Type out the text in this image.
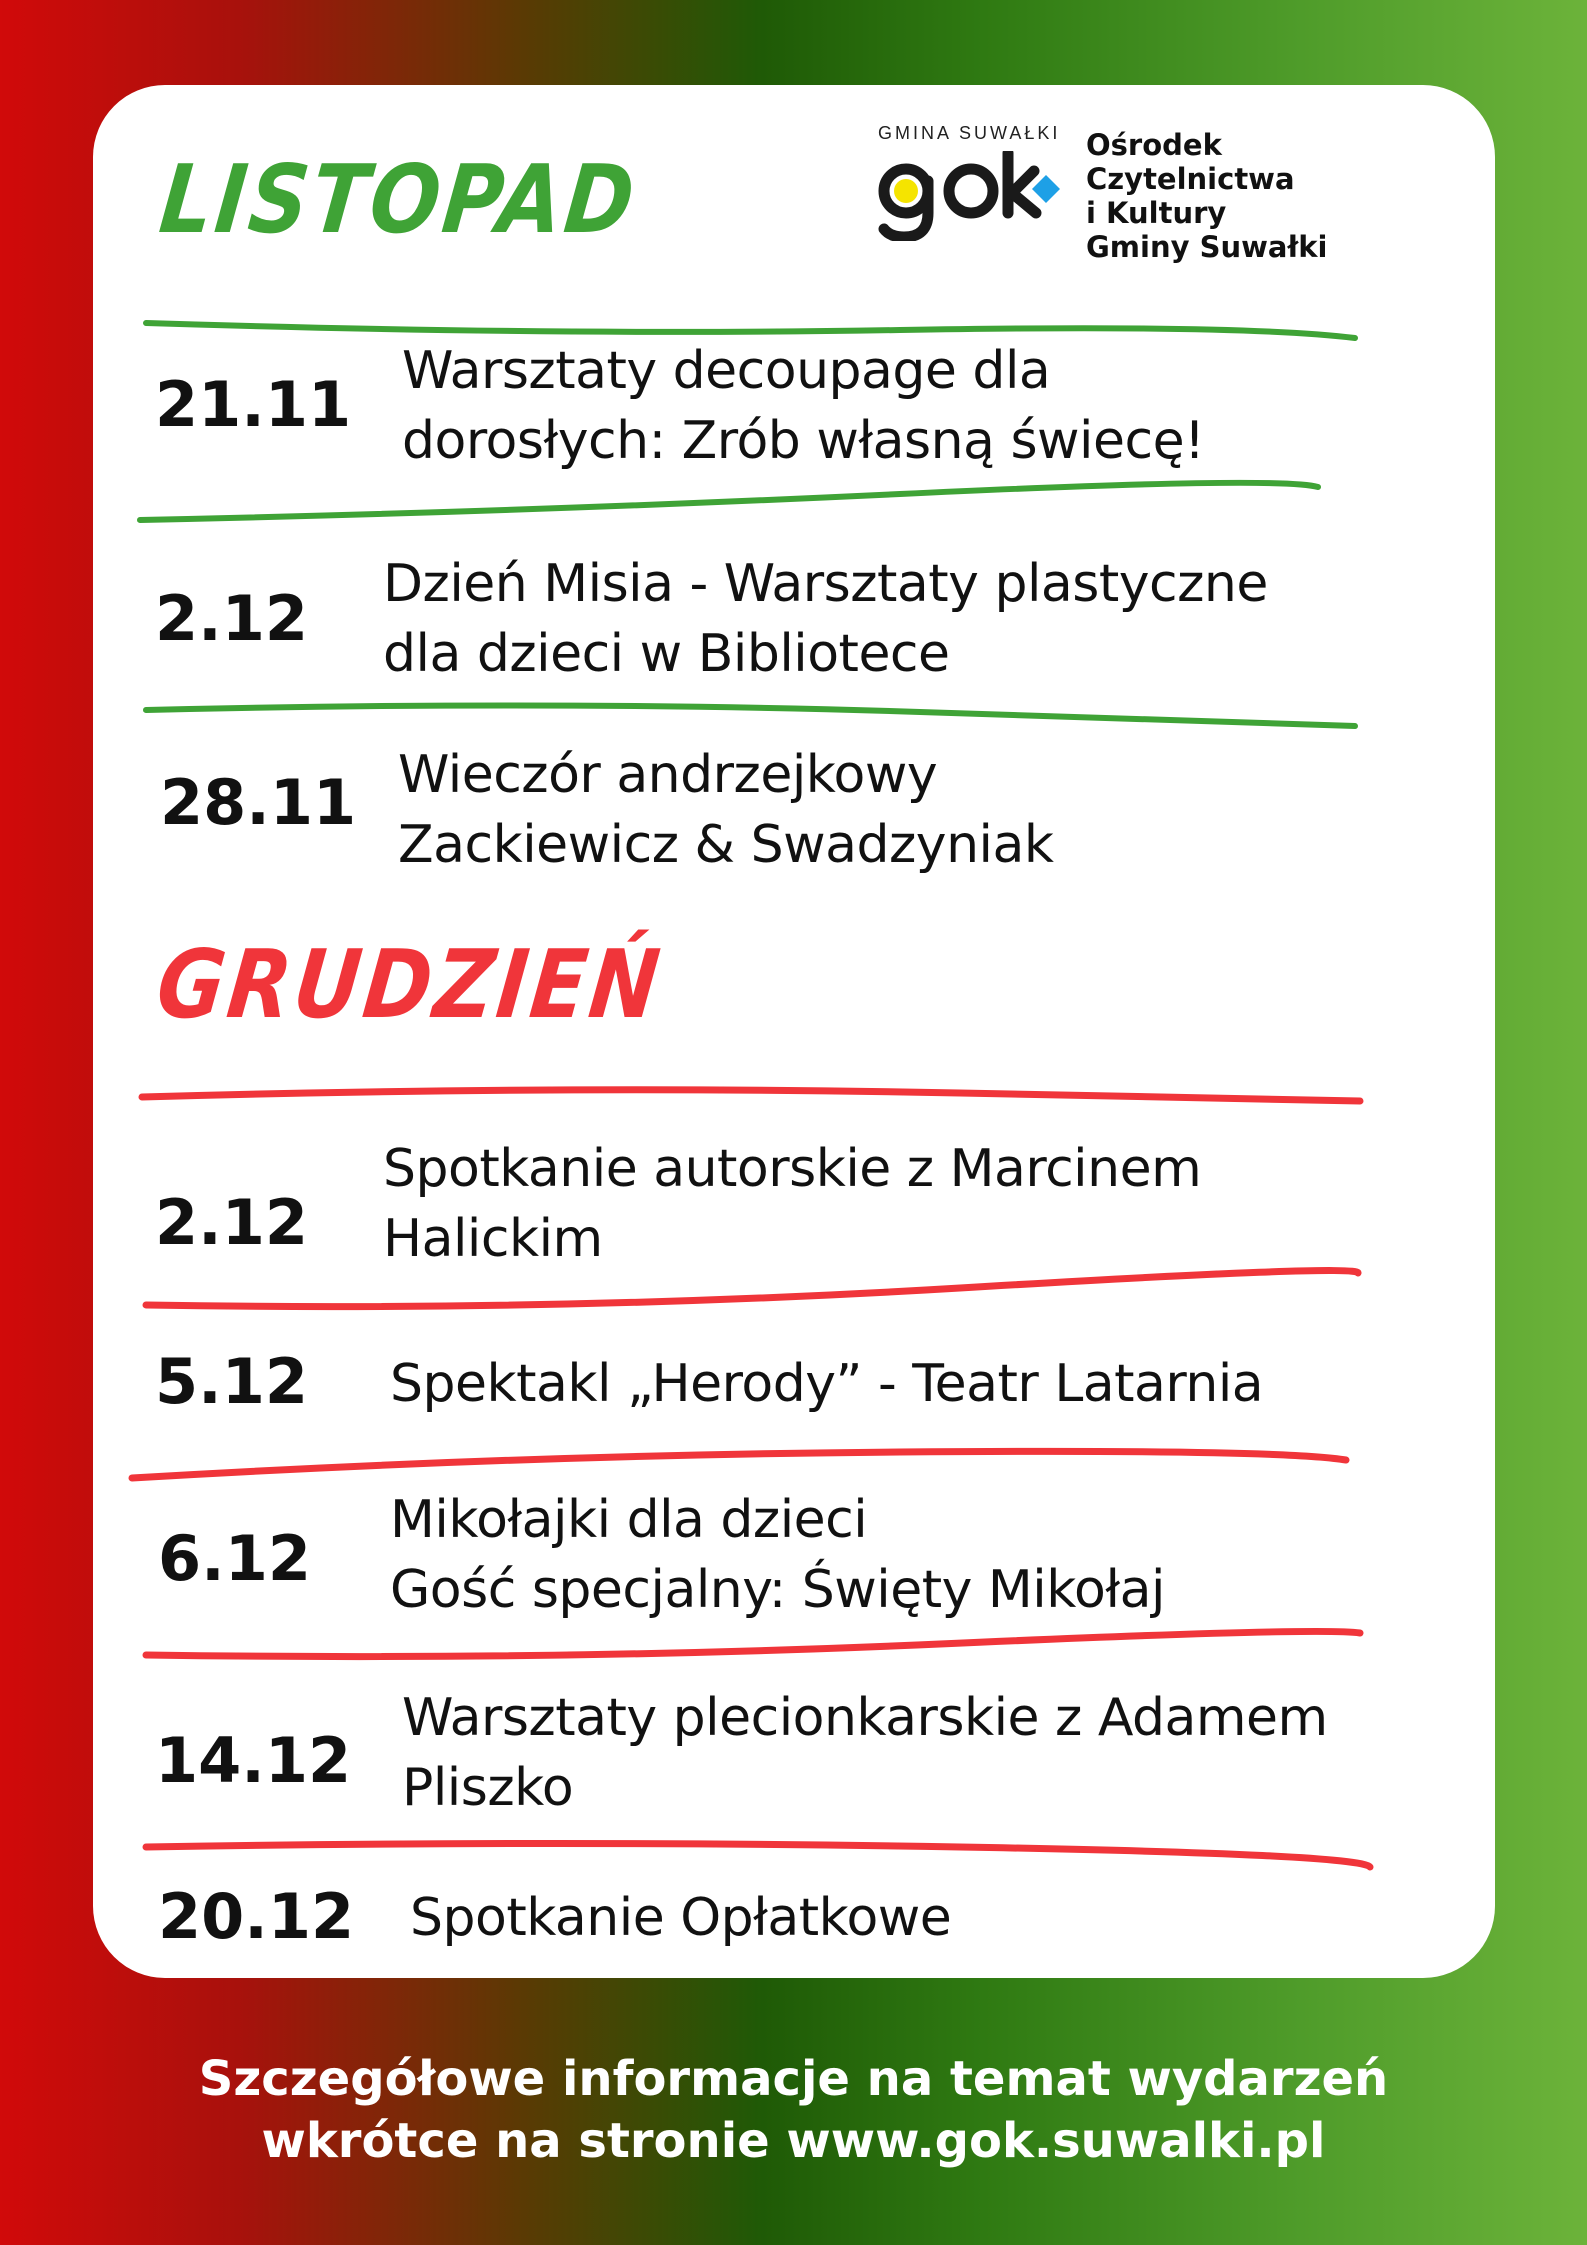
GMINA SUWAŁKI Ośrodek
Czytelnictwa
i Kultury
Gminy Suwałki
LISTOPAD
GRUDZIEŃ
21.11 Warsztaty decoupage dla
dorosłych: Zrób własną świecę!
2.12 Dzień Misia - Warsztaty plastyczne
dla dzieci w Bibliotece
28.11 Wieczór andrzejkowy
Zackiewicz & Swadzyniak
2.12
Spotkanie autorskie z Marcinem
Halickim
5.12 Spektakl „Herody” - Teatr Latarnia
6.12
Mikołajki dla dzieci
Gość specjalny: Święty Mikołaj
14.12
Warsztaty plecionkarskie z Adamem
Pliszko
20.12 Spotkanie Opłatkowe
Szczegółowe informacje na temat wydarzeń
wkrótce na stronie www.gok.suwalki.pl
